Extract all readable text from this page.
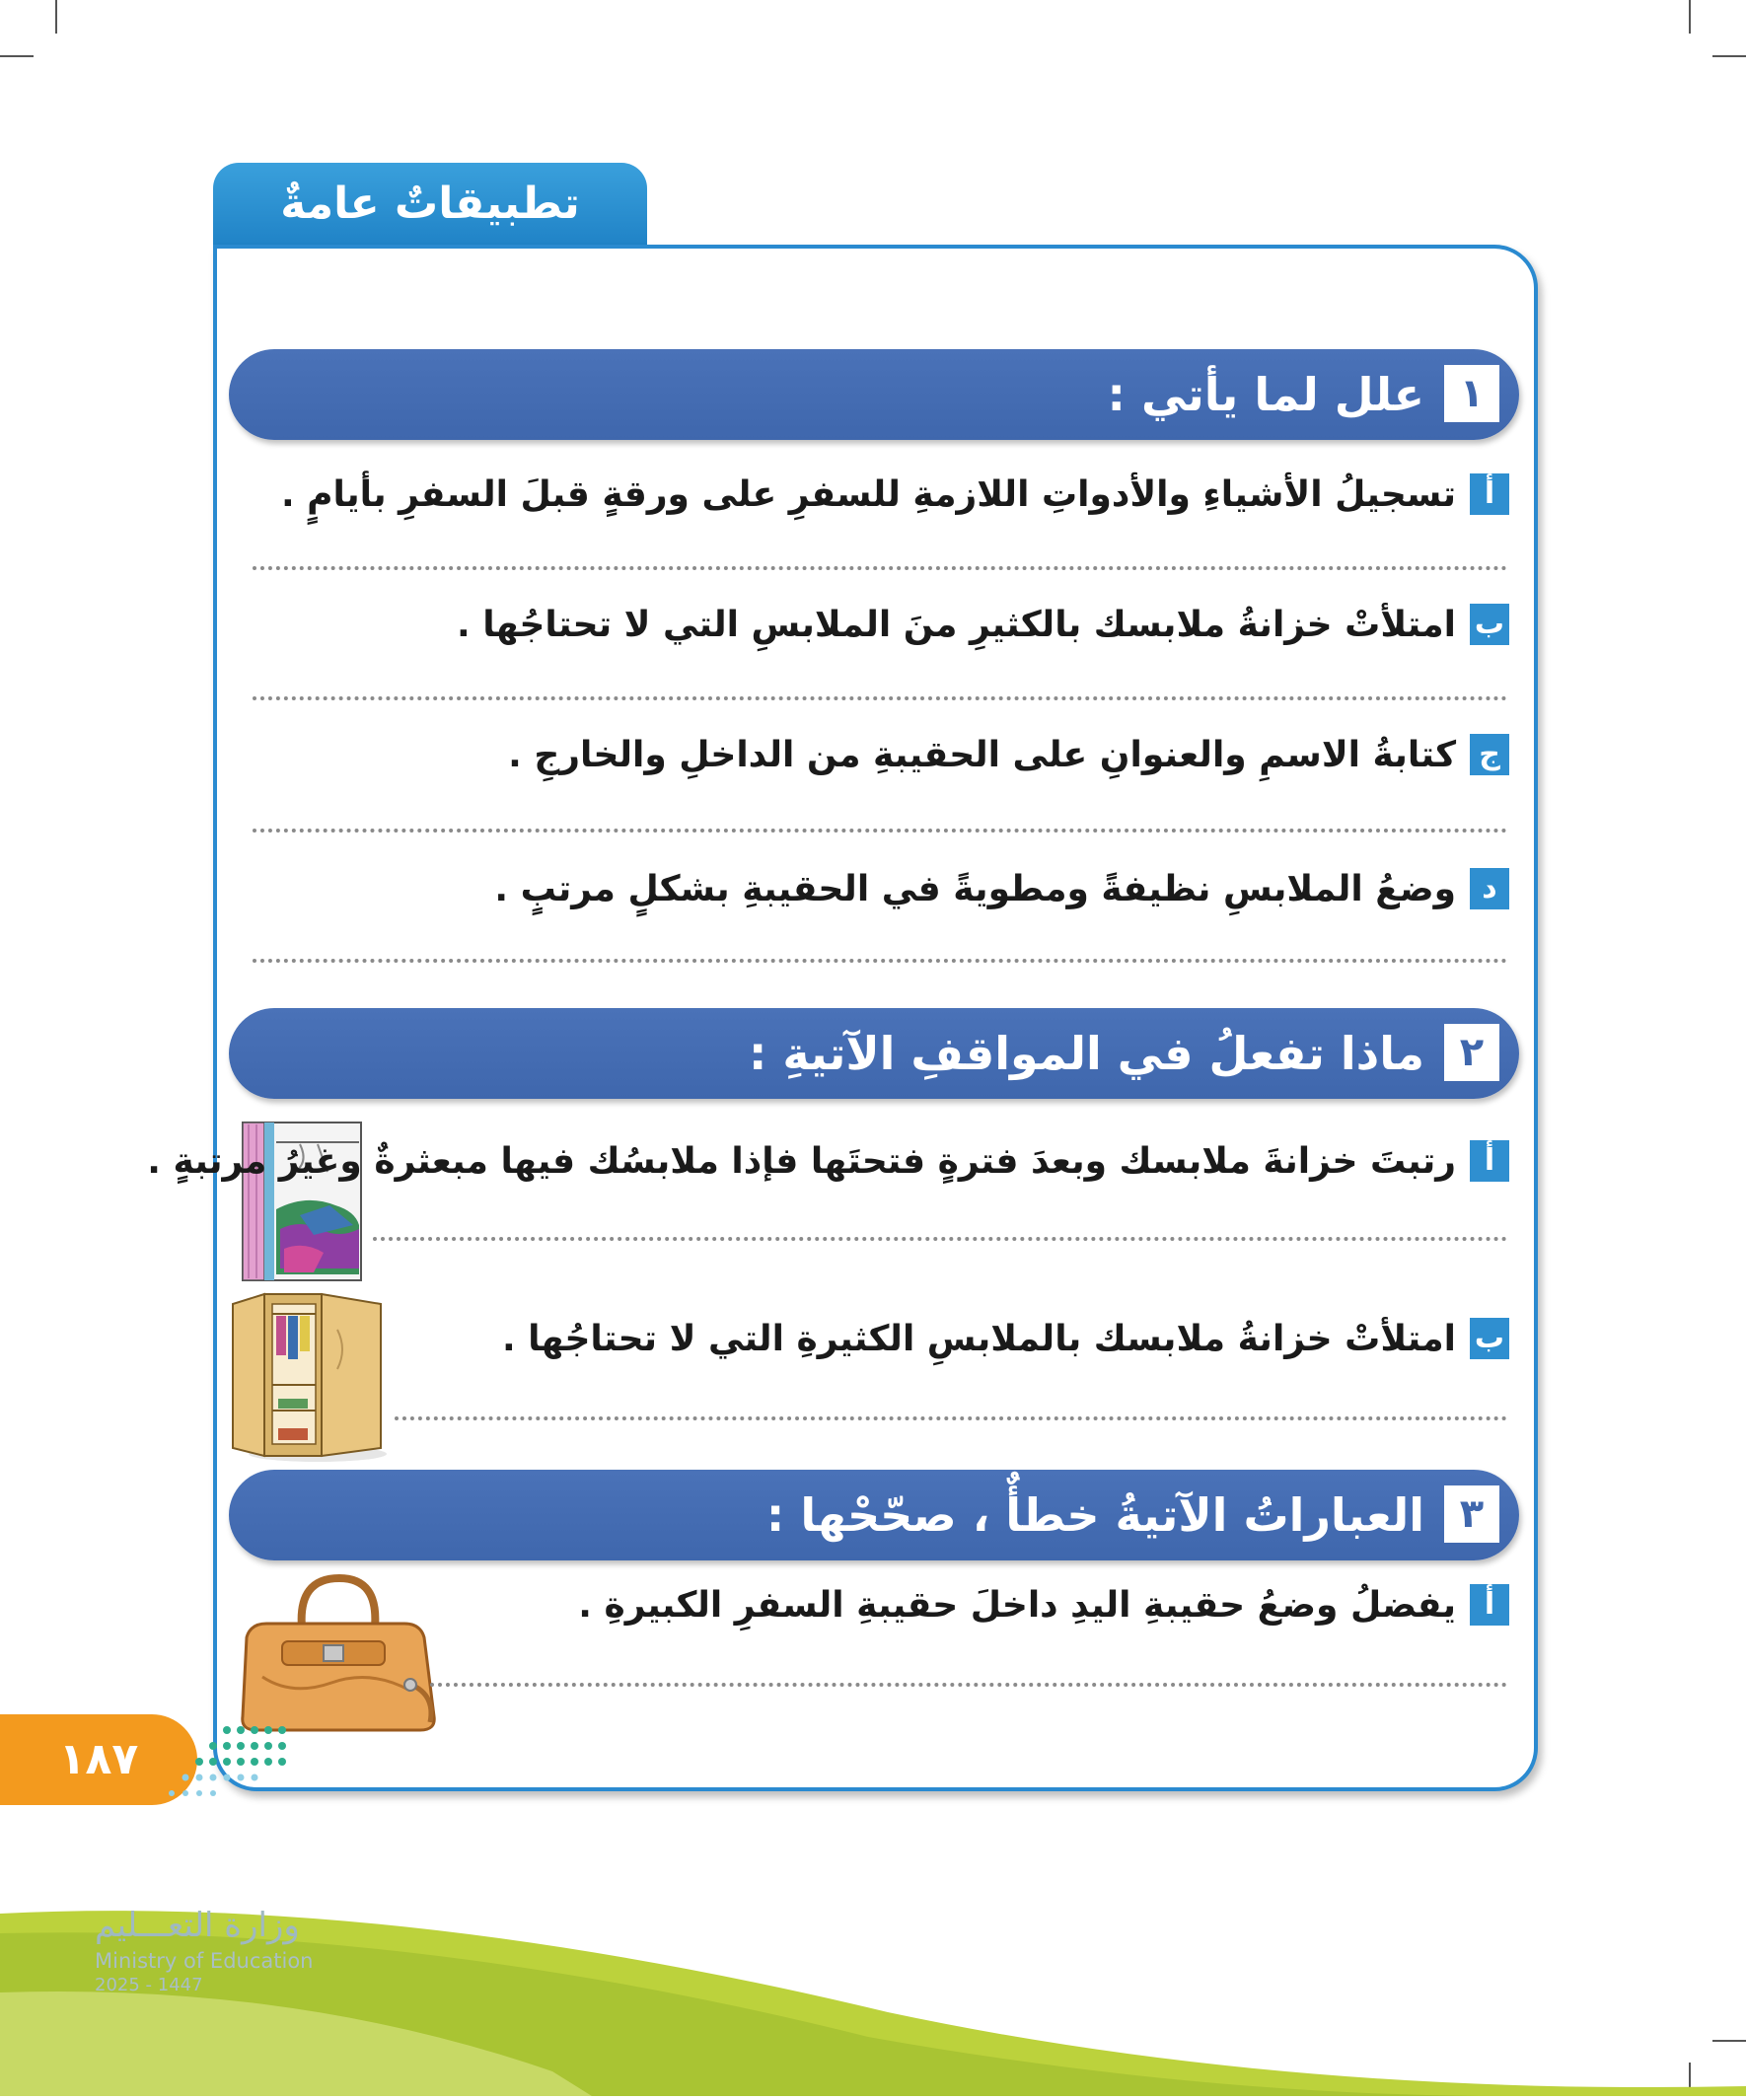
تطبيقاتٌ عامةٌ
١
علل لما يأتي :
أ
تسجيلُ الأشياءِ والأدواتِ اللازمةِ للسفرِ على ورقةٍ قبلَ السفرِ بأيامٍ .
ب
امتلأتْ خزانةُ ملابسك بالكثيرِ منَ الملابسِ التي لا تحتاجُها .
ج
كتابةُ الاسمِ والعنوانِ على الحقيبةِ من الداخلِ والخارجِ .
د
وضعُ الملابسِ نظيفةً ومطويةً في الحقيبةِ بشكلٍ مرتبٍ .
٢
ماذا تفعلُ في المواقفِ الآتيةِ :
أ
رتبتَ خزانةَ ملابسك وبعدَ فترةٍ فتحتَها فإذا ملابسُك فيها مبعثرةٌ وغيرُ مرتبةٍ .
ب
امتلأتْ خزانةُ ملابسك بالملابسِ الكثيرةِ التي لا تحتاجُها .
٣
العباراتُ الآتيةُ خطأٌ ، صحّحْها :
أ
يفضلُ وضعُ حقيبةِ اليدِ داخلَ حقيبةِ السفرِ الكبيرةِ .
١٨٧
وزارة التعـــليم
Ministry of Education
2025 - 1447
